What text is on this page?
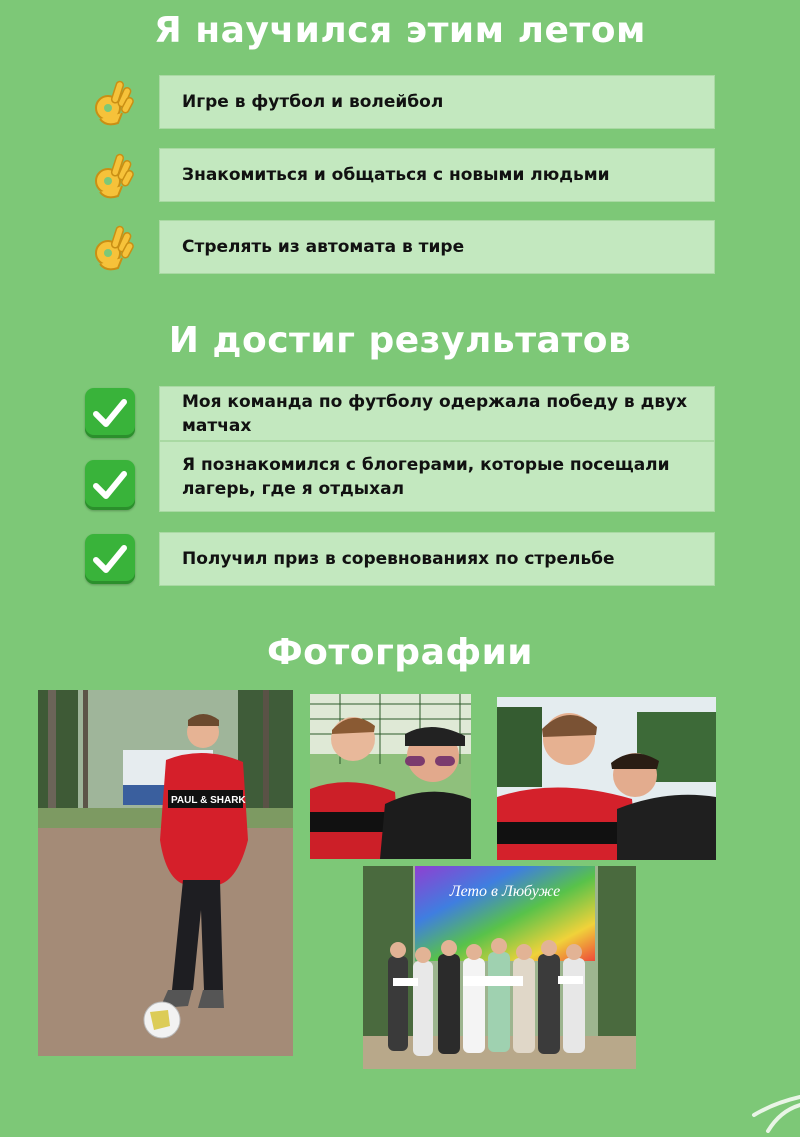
Я научился этим летом
Игре в футбол и волейбол
Знакомиться и общаться с новыми людьми
Стрелять из автомата в тире
И достиг результатов
Моя команда по футболу одержала победу в двух матчах
Я познакомился с блогерами, которые посещали лагерь, где я отдыхал
Получил приз в соревнованиях по стрельбе
Фотографии
PAUL & SHARK
Лето в Любуже
